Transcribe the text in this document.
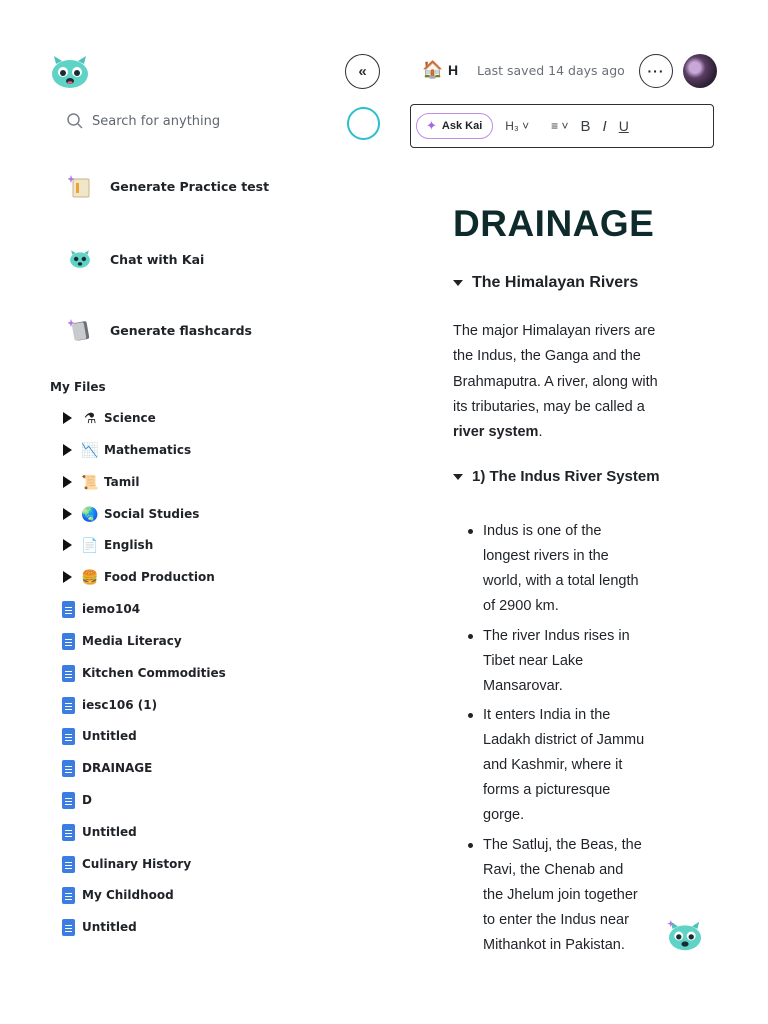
«
Search for anything
Generate Practice test
Chat with Kai
Generate flashcards
My Files
⚗ Science
📉 Mathematics
📜 Tamil
🌏 Social Studies
📄 English
🍔 Food Production
iemo104
Media Literacy
Kitchen Commodities
iesc106 (1)
Untitled
DRAINAGE
D
Untitled
Culinary History
My Childhood
Untitled
🏠 H	Last saved 14 days ago ···
✦ Ask Kai H₃ ˅ ≡ ˅ B I U
DRAINAGE
The Himalayan Rivers
The major Himalayan rivers are the Indus, the Ganga and the Brahmaputra. A river, along with its tributaries, may be called a river system.
1) The Indus River System
Indus is one of the longest rivers in the world, with a total length of 2900 km.
The river Indus rises in Tibet near Lake Mansarovar.
It enters India in the Ladakh district of Jammu and Kashmir, where it forms a picturesque gorge.
The Satluj, the Beas, the Ravi, the Chenab and the Jhelum join together to enter the Indus near Mithankot in Pakistan.
